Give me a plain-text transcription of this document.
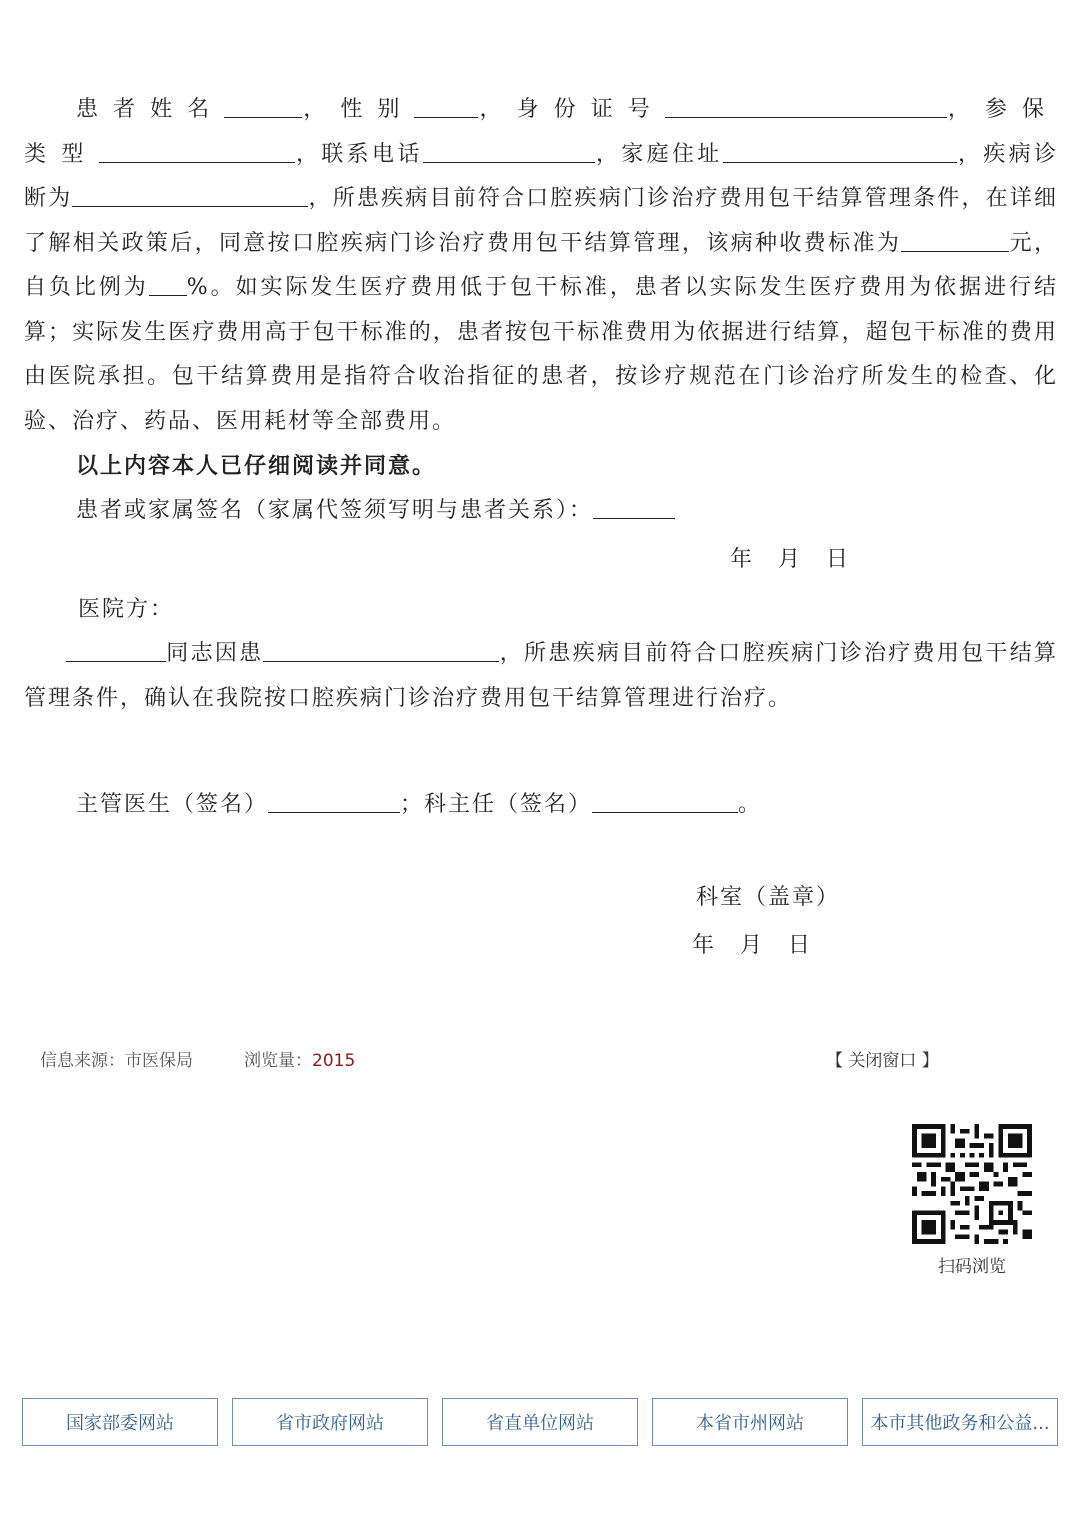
患者姓名	，性别	，身份证号	，参保类型	，联系电话	，家庭住址	，疾病诊断为	，所患疾病目前符合口腔疾病门诊治疗费用包干结算管理条件，在详细了解相关政策后，同意按口腔疾病门诊治疗费用包干结算管理，该病种收费标准为	元，自负比例为 %。如实际发生医疗费用低于包干标准，患者以实际发生医疗费用为依据进行结算；实际发生医疗费用高于包干标准的，患者按包干标准费用为依据进行结算，超包干标准的费用由医院承担。包干结算费用是指符合收治指征的患者，按诊疗规范在门诊治疗所发生的检查、化验、治疗、药品、医用耗材等全部费用。

以上内容本人已仔细阅读并同意。

患者或家属签名（家属代签须写明与患者关系）：

年　月　日
医院方：

同志因患	，所患疾病目前符合口腔疾病门诊治疗费用包干结算管理条件，确认在我院按口腔疾病门诊治疗费用包干结算管理进行治疗。

主管医生（签名）	；科主任（签名）	。
科室（盖章）
年　月　日
信息来源：市医保局	浏览量：2015	【 关闭窗口 】
扫码浏览
国家部委网站	省市政府网站	省直单位网站	本省市州网站	本市其他政务和公益...
